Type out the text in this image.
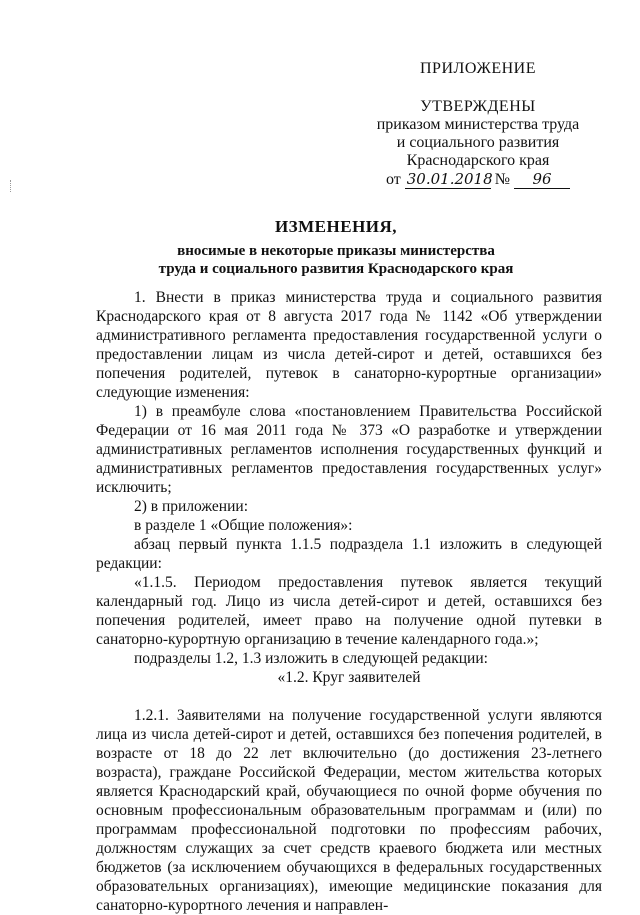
ПРИЛОЖЕНИЕ
УТВЕРЖДЕНЫ
приказом министерства труда
и социального развития
Краснодарского края
от 30.01.2018 № 96
ИЗМЕНЕНИЯ,
вносимые в некоторые приказы министерства
труда и социального развития Краснодарского края

1. Внести в приказ министерства труда и социального развития Краснодарского края от 8 августа 2017 года № 1142 «Об утверждении административного регламента предоставления государственной услуги о предоставлении лицам из числа детей-сирот и детей, оставшихся без попечения родителей, путевок в санаторно-курортные организации» следующие изменения:

1) в преамбуле слова «постановлением Правительства Российской Федерации от 16 мая 2011 года № 373 «О разработке и утверждении административных регламентов исполнения государственных функций и административных регламентов предоставления государственных услуг» исключить;

2) в приложении:

в разделе 1 «Общие положения»:

абзац первый пункта 1.1.5 подраздела 1.1 изложить в следующей редакции:

«1.1.5. Периодом предоставления путевок является текущий календарный год. Лицо из числа детей-сирот и детей, оставшихся без попечения родителей, имеет право на получение одной путевки в санаторно-курортную организацию в течение календарного года.»;

подразделы 1.2, 1.3 изложить в следующей редакции:

«1.2. Круг заявителей

1.2.1. Заявителями на получение государственной услуги являются лица из числа детей-сирот и детей, оставшихся без попечения родителей, в возрасте от 18 до 22 лет включительно (до достижения 23-летнего возраста), граждане Российской Федерации, местом жительства которых является Краснодарский край, обучающиеся по очной форме обучения по основным профессиональным образовательным программам и (или) по программам профессиональной подготовки по профессиям рабочих, должностям служащих за счет средств краевого бюджета или местных бюджетов (за исключением обучающихся в федеральных государственных образовательных организациях), имеющие медицинские показания для санаторно-курортного лечения и направлен-
